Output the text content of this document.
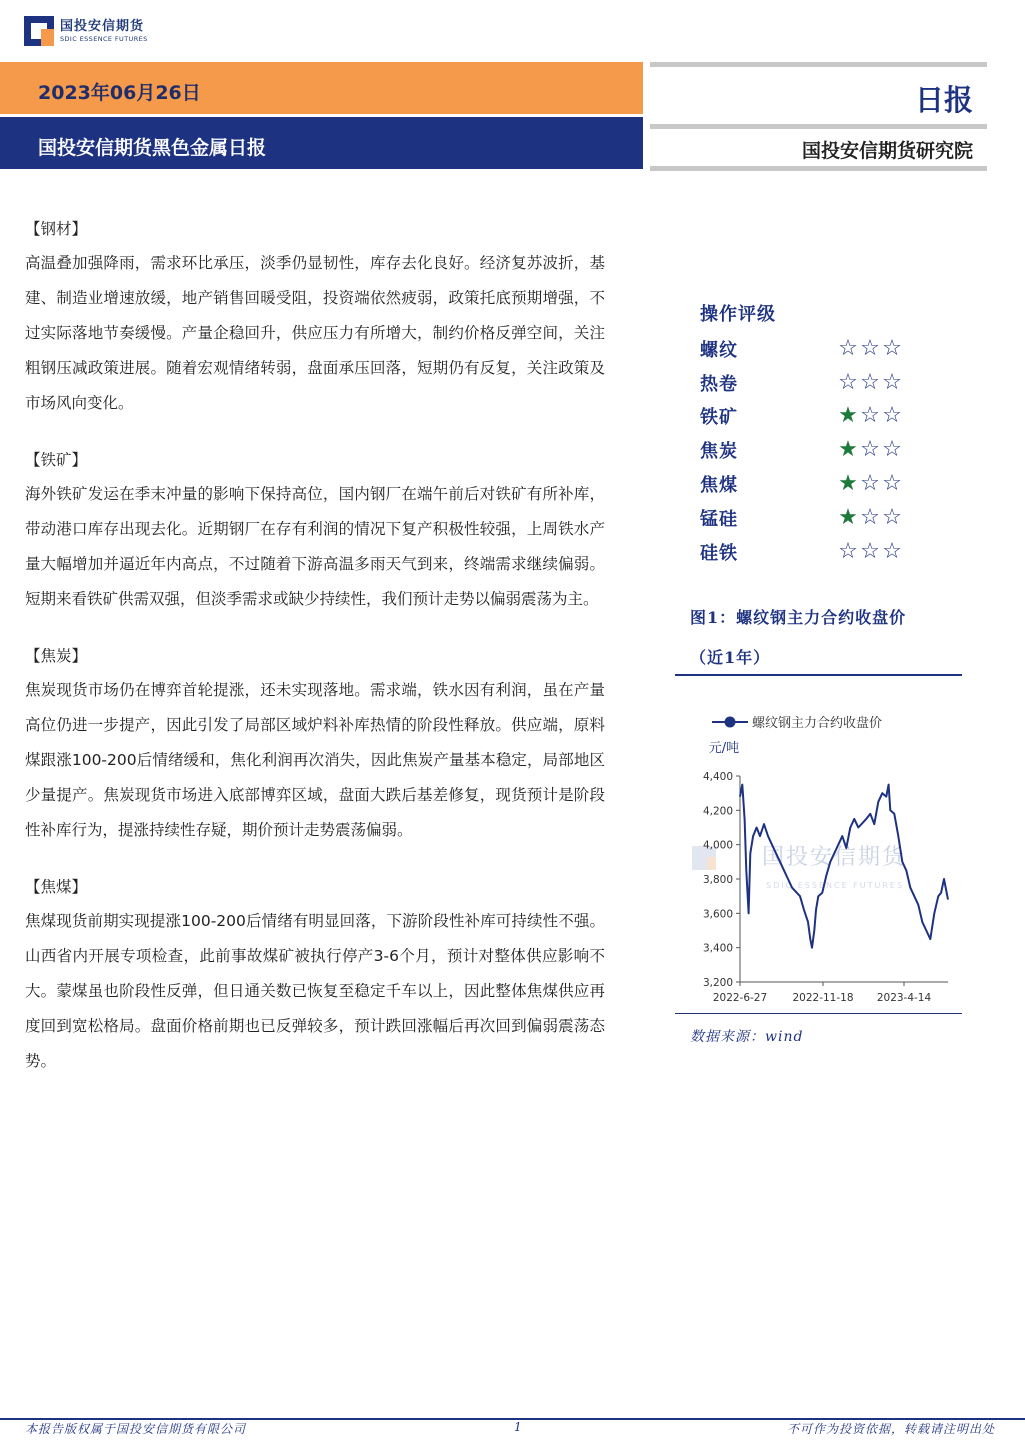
国投安信期货
SDIC ESSENCE FUTURES
2023年06月26日
国投安信期货黑色金属日报
日报
国投安信期货研究院
【钢材】
高温叠加强降雨，需求环比承压，淡季仍显韧性，库存去化良好。经济复苏波折，基建、制造业增速放缓，地产销售回暖受阻，投资端依然疲弱，政策托底预期增强，不过实际落地节奏缓慢。产量企稳回升，供应压力有所增大，制约价格反弹空间，关注粗钢压减政策进展。随着宏观情绪转弱，盘面承压回落，短期仍有反复，关注政策及市场风向变化。
【铁矿】
海外铁矿发运在季末冲量的影响下保持高位，国内钢厂在端午前后对铁矿有所补库，带动港口库存出现去化。近期钢厂在存有利润的情况下复产积极性较强，上周铁水产量大幅增加并逼近年内高点，不过随着下游高温多雨天气到来，终端需求继续偏弱。短期来看铁矿供需双强，但淡季需求或缺少持续性，我们预计走势以偏弱震荡为主。
【焦炭】
焦炭现货市场仍在博弈首轮提涨，还未实现落地。需求端，铁水因有利润，虽在产量高位仍进一步提产，因此引发了局部区域炉料补库热情的阶段性释放。供应端，原料煤跟涨100-200后情绪缓和，焦化利润再次消失，因此焦炭产量基本稳定，局部地区少量提产。焦炭现货市场进入底部博弈区域，盘面大跌后基差修复，现货预计是阶段性补库行为，提涨持续性存疑，期价预计走势震荡偏弱。
【焦煤】
焦煤现货前期实现提涨100-200后情绪有明显回落，下游阶段性补库可持续性不强。山西省内开展专项检查，此前事故煤矿被执行停产3-6个月，预计对整体供应影响不大。蒙煤虽也阶段性反弹，但日通关数已恢复至稳定千车以上，因此整体焦煤供应再度回到宽松格局。盘面价格前期也已反弹较多，预计跌回涨幅后再次回到偏弱震荡态势。
操作评级
螺纹	☆ ☆ ☆
热卷	☆ ☆ ☆
铁矿	★ ☆ ☆
焦炭	★ ☆ ☆
焦煤	★ ☆ ☆
锰硅	★ ☆ ☆
硅铁	☆ ☆ ☆
图1：螺纹钢主力合约收盘价
（近1年）
国投安信期货
SDIC ESSENCE FUTURES
螺纹钢主力合约收盘价
元/吨
3,200
3,400
3,600
3,800
4,000
4,200
4,400
2022-6-27 2022-11-18 2023-4-14
数据来源：wind
本报告版权属于国投安信期货有限公司	1	不可作为投资依据，转载请注明出处
